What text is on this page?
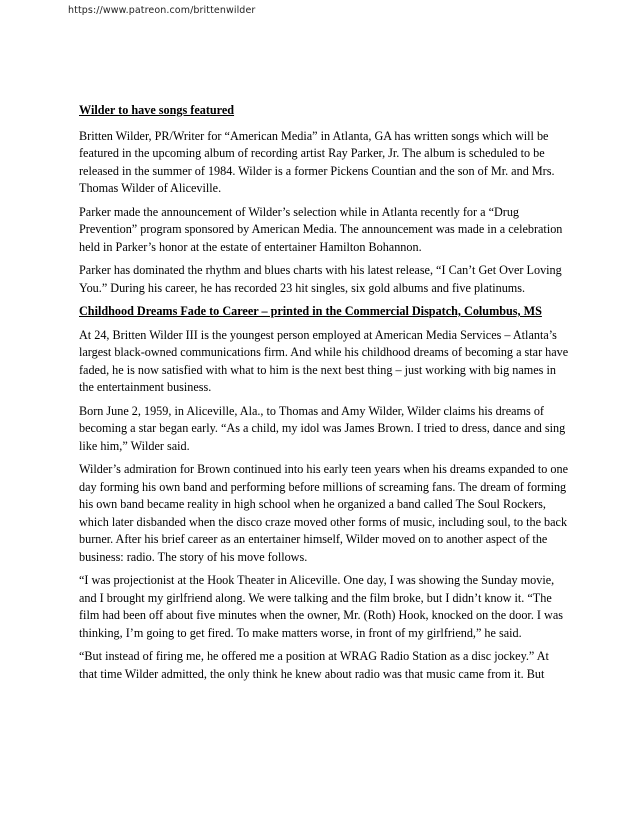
https://www.patreon.com/brittenwilder
Wilder to have songs featured

Britten Wilder, PR/Writer for “American Media” in Atlanta, GA has written songs which will be featured in the upcoming album of recording artist Ray Parker, Jr. The album is scheduled to be released in the summer of 1984. Wilder is a former Pickens Countian and the son of Mr. and Mrs. Thomas Wilder of Aliceville.

Parker made the announcement of Wilder’s selection while in Atlanta recently for a “Drug Prevention” program sponsored by American Media. The announcement was made in a celebration held in Parker’s honor at the estate of entertainer Hamilton Bohannon.

Parker has dominated the rhythm and blues charts with his latest release, “I Can’t Get Over Loving You.” During his career, he has recorded 23 hit singles, six gold albums and five platinums.

Childhood Dreams Fade to Career – printed in the Commercial Dispatch, Columbus, MS

At 24, Britten Wilder III is the youngest person employed at American Media Services – Atlanta’s largest black-owned communications firm. And while his childhood dreams of becoming a star have faded, he is now satisfied with what to him is the next best thing – just working with big names in the entertainment business.

Born June 2, 1959, in Aliceville, Ala., to Thomas and Amy Wilder, Wilder claims his dreams of becoming a star began early. “As a child, my idol was James Brown. I tried to dress, dance and sing like him,” Wilder said.

Wilder’s admiration for Brown continued into his early teen years when his dreams expanded to one day forming his own band and performing before millions of screaming fans. The dream of forming his own band became reality in high school when he organized a band called The Soul Rockers, which later disbanded when the disco craze moved other forms of music, including soul, to the back burner. After his brief career as an entertainer himself, Wilder moved on to another aspect of the business: radio. The story of his move follows.

“I was projectionist at the Hook Theater in Aliceville. One day, I was showing the Sunday movie, and I brought my girlfriend along. We were talking and the film broke, but I didn’t know it. “The film had been off about five minutes when the owner, Mr. (Roth) Hook, knocked on the door. I was thinking, I’m going to get fired. To make matters worse, in front of my girlfriend,” he said.

“But instead of firing me, he offered me a position at WRAG Radio Station as a disc jockey.” At that time Wilder admitted, the only think he knew about radio was that music came from it. But
